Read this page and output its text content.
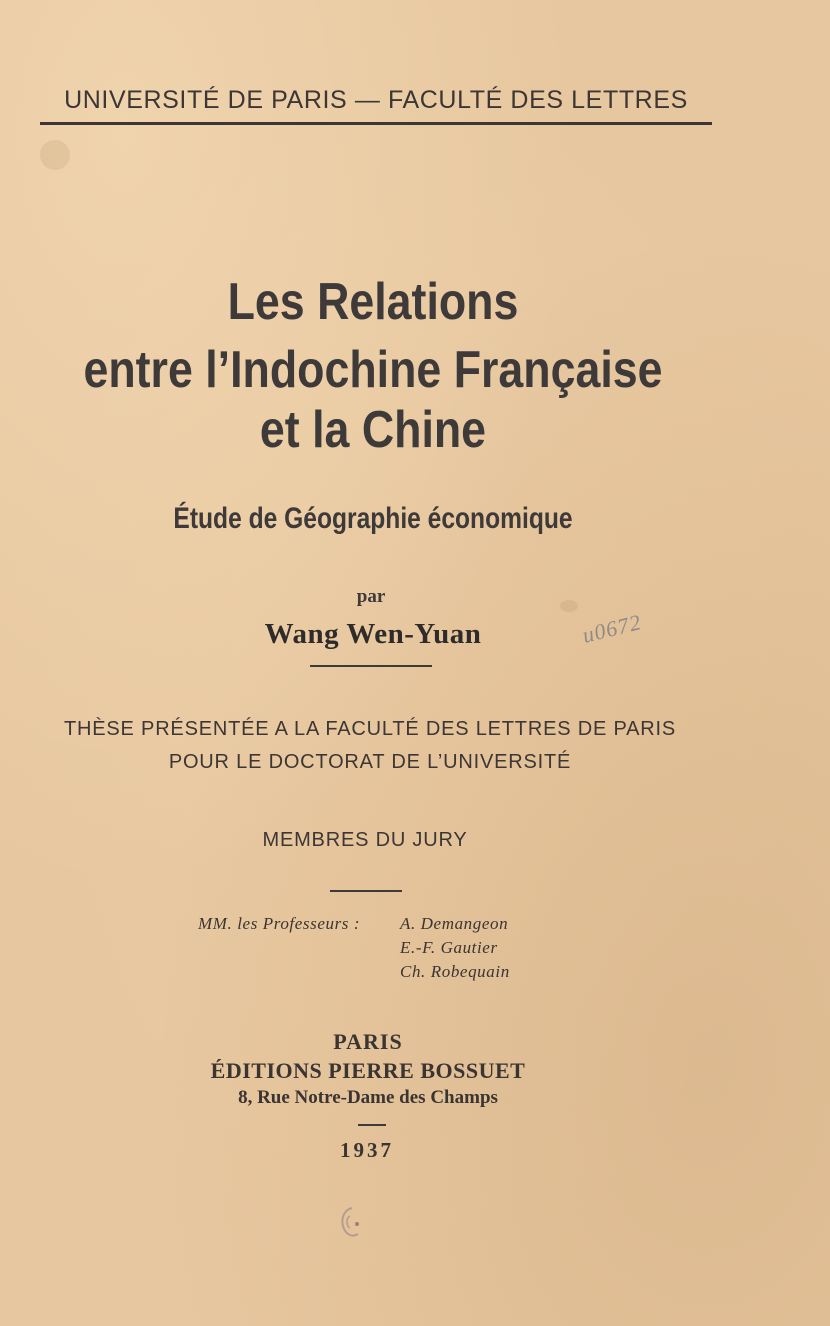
UNIVERSITÉ DE PARIS — FACULTÉ DES LETTRES
Les Relations
entre l’Indochine Française
et la Chine
Étude de Géographie économique
par
Wang Wen-Yuan	u0672
THÈSE PRÉSENTÉE A LA FACULTÉ DES LETTRES DE PARIS
POUR LE DOCTORAT DE L’UNIVERSITÉ
MEMBRES DU JURY
MM. les Professeurs : A. Demangeon
E.-F. Gautier
Ch. Robequain
PARIS
ÉDITIONS PIERRE BOSSUET
8, Rue Notre-Dame des Champs
1937
